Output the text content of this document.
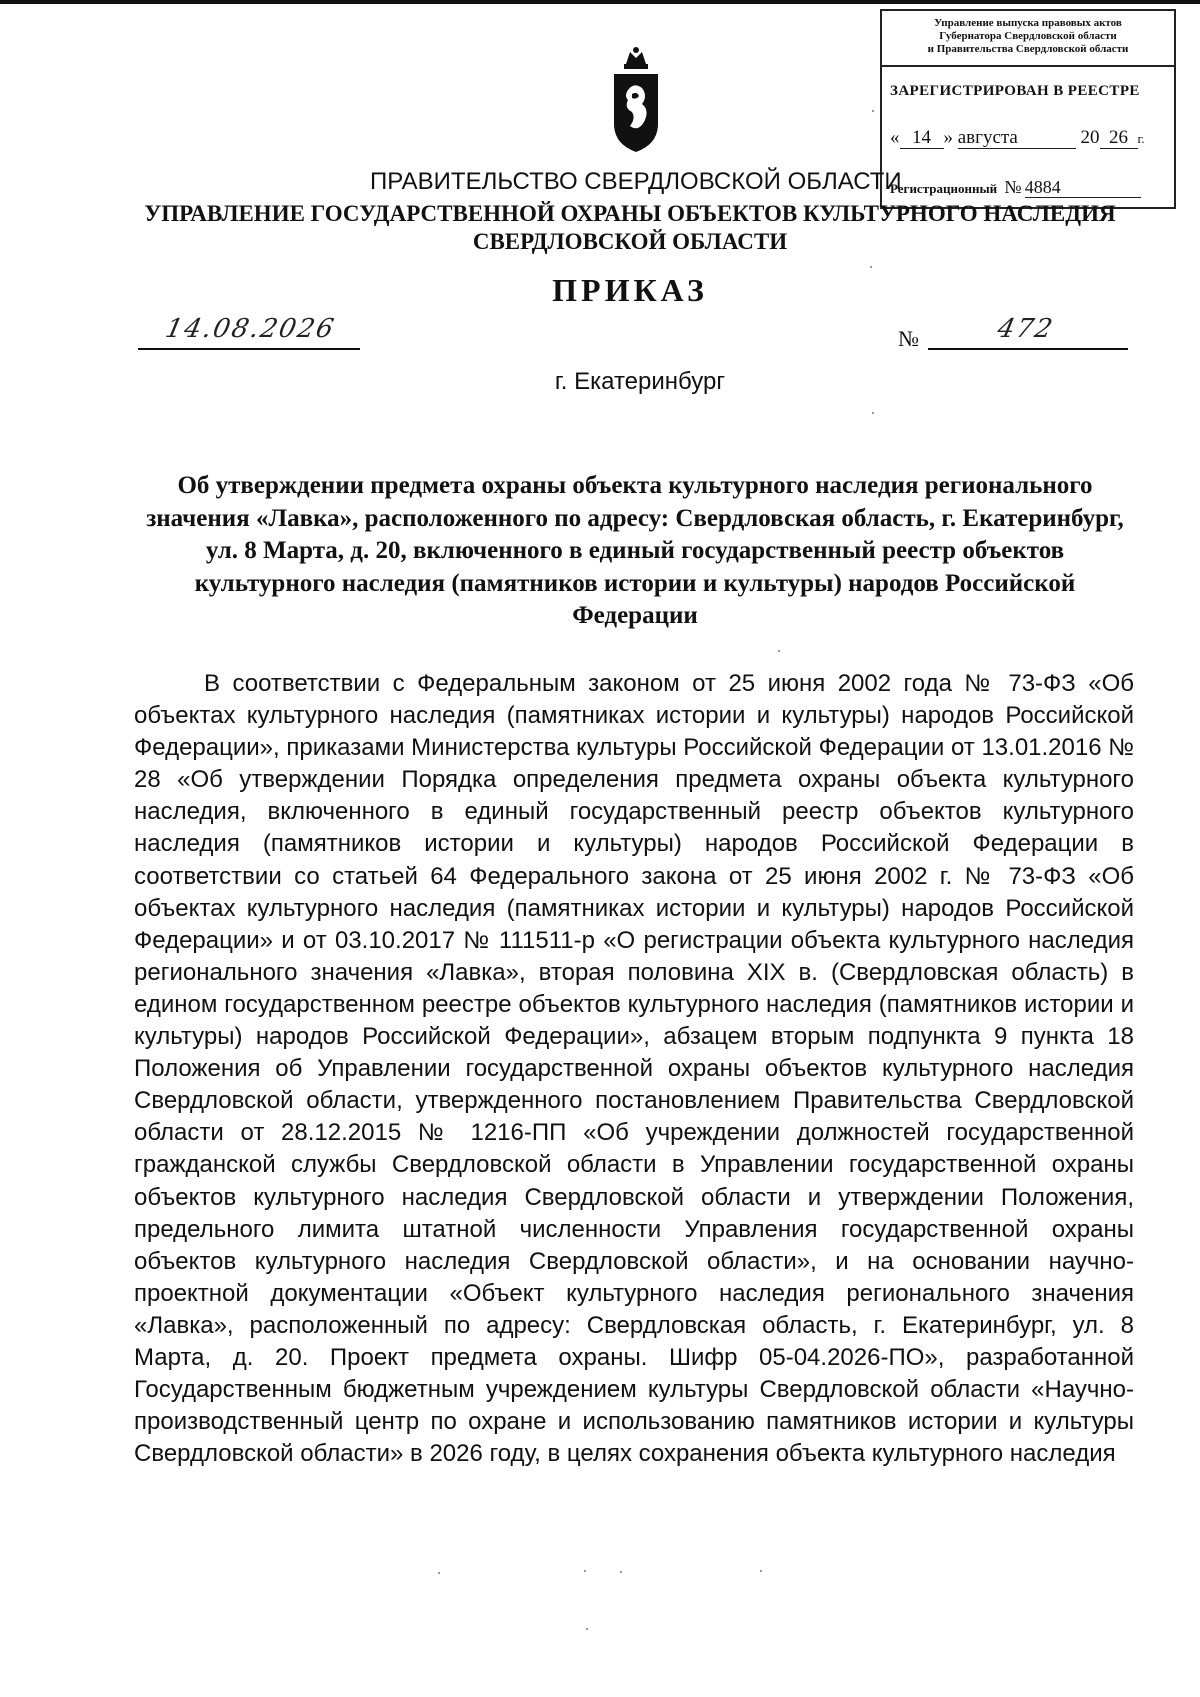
Управление выпуска правовых актов
Губернатора Свердловской области
и Правительства Свердловской области
ЗАРЕГИСТРИРОВАН В РЕЕСТРЕ
« 14 » августа	20 26 г.
Регистрационный № 4884
ПРАВИТЕЛЬСТВО СВЕРДЛОВСКОЙ ОБЛАСТИ
УПРАВЛЕНИЕ ГОСУДАРСТВЕННОЙ ОХРАНЫ ОБЪЕКТОВ КУЛЬТУРНОГО НАСЛЕДИЯ
СВЕРДЛОВСКОЙ ОБЛАСТИ
ПРИКАЗ
14.08.2026	№	472
г. Екатеринбург
Об утверждении предмета охраны объекта культурного наследия регионального значения «Лавка», расположенного по адресу: Свердловская область, г. Екатеринбург, ул. 8 Марта, д. 20, включенного в единый государственный реестр объектов культурного наследия (памятников истории и культуры) народов Российской Федерации
В соответствии с Федеральным законом от 25 июня 2002 года № 73-ФЗ «Об объектах культурного наследия (памятниках истории и культуры) народов Российской Федерации», приказами Министерства культуры Российской Федерации от 13.01.2016 № 28 «Об утверждении Порядка определения предмета охраны объекта культурного наследия, включенного в единый государственный реестр объектов культурного наследия (памятников истории и культуры) народов Российской Федерации в соответствии со статьей 64 Федерального закона от 25 июня 2002 г. № 73-ФЗ «Об объектах культурного наследия (памятниках истории и культуры) народов Российской Федерации» и от 03.10.2017 № 111511-р «О регистрации объекта культурного наследия регионального значения «Лавка», вторая половина XIX в. (Свердловская область) в едином государственном реестре объектов культурного наследия (памятников истории и культуры) народов Российской Федерации», абзацем вторым подпункта 9 пункта 18 Положения об Управлении государственной охраны объектов культурного наследия Свердловской области, утвержденного постановлением Правительства Свердловской области от 28.12.2015 № 1216-ПП «Об учреждении должностей государственной гражданской службы Свердловской области в Управлении государственной охраны объектов культурного наследия Свердловской области и утверждении Положения, предельного лимита штатной численности Управления государственной охраны объектов культурного наследия Свердловской области», и на основании научно-проектной документации «Объект культурного наследия регионального значения «Лавка», расположенный по адресу: Свердловская область, г. Екатеринбург, ул. 8 Марта, д. 20. Проект предмета охраны. Шифр 05-04.2026-ПО», разработанной Государственным бюджетным учреждением культуры Свердловской области «Научно-производственный центр по охране и использованию памятников истории и культуры Свердловской области» в 2026 году, в целях сохранения объекта культурного наследия
